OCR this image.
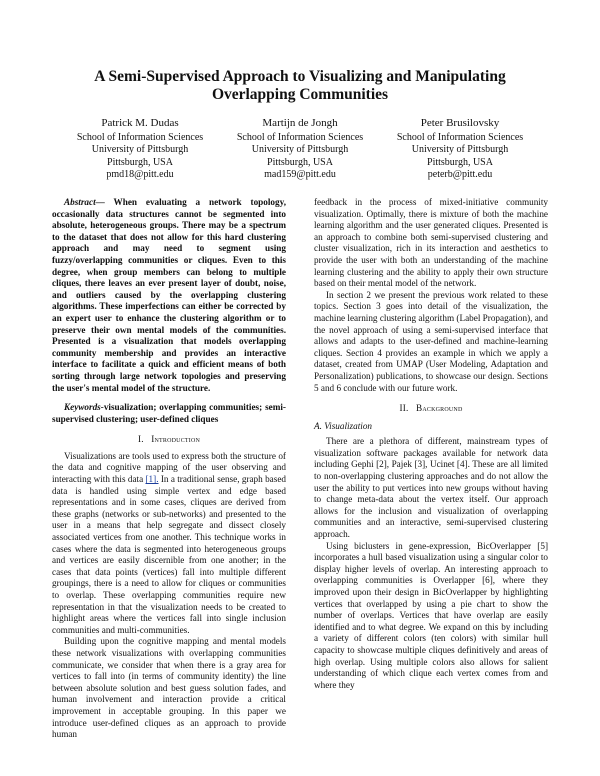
A Semi-Supervised Approach to Visualizing and Manipulating Overlapping Communities
Patrick M. Dudas
School of Information Sciences
University of Pittsburgh
Pittsburgh, USA
pmd18@pitt.edu
Martijn de Jongh
School of Information Sciences
University of Pittsburgh
Pittsburgh, USA
mad159@pitt.edu
Peter Brusilovsky
School of Information Sciences
University of Pittsburgh
Pittsburgh, USA
peterb@pitt.edu

Abstract— When evaluating a network topology, occasionally data structures cannot be segmented into absolute, heterogeneous groups. There may be a spectrum to the dataset that does not allow for this hard clustering approach and may need to segment using fuzzy/overlapping communities or cliques. Even to this degree, when group members can belong to multiple cliques, there leaves an ever present layer of doubt, noise, and outliers caused by the overlapping clustering algorithms. These imperfections can either be corrected by an expert user to enhance the clustering algorithm or to preserve their own mental models of the communities. Presented is a visualization that models overlapping community membership and provides an interactive interface to facilitate a quick and efficient means of both sorting through large network topologies and preserving the user's mental model of the structure.

Keywords-visualization; overlapping communities; semi-supervised clustering; user-defined cliques

I. Introduction

Visualizations are tools used to express both the structure of the data and cognitive mapping of the user observing and interacting with this data [1]. In a traditional sense, graph based data is handled using simple vertex and edge based representations and in some cases, cliques are derived from these graphs (networks or sub-networks) and presented to the user in a means that help segregate and dissect closely associated vertices from one another. This technique works in cases where the data is segmented into heterogeneous groups and vertices are easily discernible from one another; in the cases that data points (vertices) fall into multiple different groupings, there is a need to allow for cliques or communities to overlap. These overlapping communities require new representation in that the visualization needs to be created to highlight areas where the vertices fall into single inclusion communities and multi-communities.

Building upon the cognitive mapping and mental models these network visualizations with overlapping communities communicate, we consider that when there is a gray area for vertices to fall into (in terms of community identity) the line between absolute solution and best guess solution fades, and human involvement and interaction provide a critical improvement in acceptable grouping. In this paper we introduce user-defined cliques as an approach to provide human

feedback in the process of mixed-initiative community visualization. Optimally, there is mixture of both the machine learning algorithm and the user generated cliques. Presented is an approach to combine both semi-supervised clustering and cluster visualization, rich in its interaction and aesthetics to provide the user with both an understanding of the machine learning clustering and the ability to apply their own structure based on their mental model of the network.

In section 2 we present the previous work related to these topics. Section 3 goes into detail of the visualization, the machine learning clustering algorithm (Label Propagation), and the novel approach of using a semi-supervised interface that allows and adapts to the user-defined and machine-learning cliques. Section 4 provides an example in which we apply a dataset, created from UMAP (User Modeling, Adaptation and Personalization) publications, to showcase our design. Sections 5 and 6 conclude with our future work.

II. Background
A. Visualization

There are a plethora of different, mainstream types of visualization software packages available for network data including Gephi [2], Pajek [3], Ucinet [4]. These are all limited to non-overlapping clustering approaches and do not allow the user the ability to put vertices into new groups without having to change meta-data about the vertex itself. Our approach allows for the inclusion and visualization of overlapping communities and an interactive, semi-supervised clustering approach.

Using biclusters in gene-expression, BicOverlapper [5] incorporates a hull based visualization using a singular color to display higher levels of overlap. An interesting approach to overlapping communities is Overlapper [6], where they improved upon their design in BicOverlapper by highlighting vertices that overlapped by using a pie chart to show the number of overlaps. Vertices that have overlap are easily identified and to what degree. We expand on this by including a variety of different colors (ten colors) with similar hull capacity to showcase multiple cliques definitively and areas of high overlap. Using multiple colors also allows for salient understanding of which clique each vertex comes from and where they
